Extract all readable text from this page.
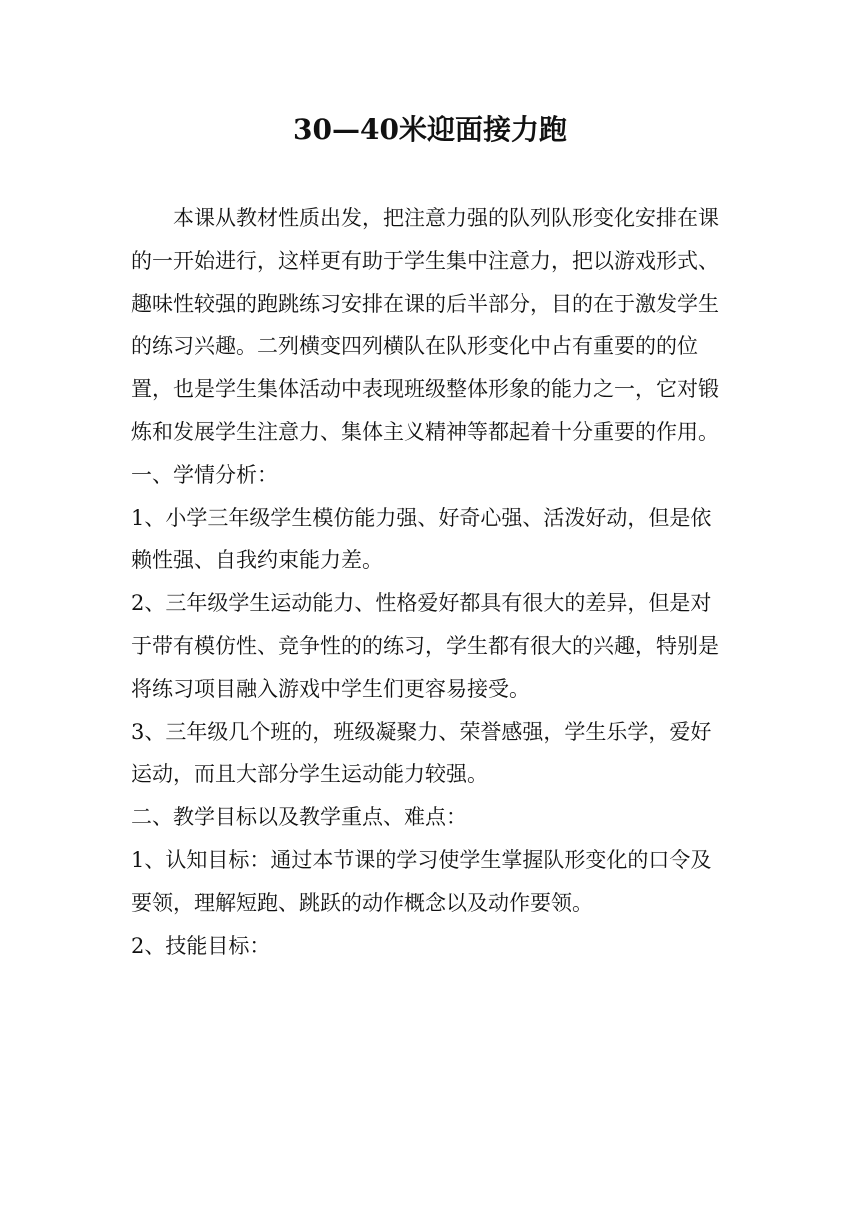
30—40米迎面接力跑

本课从教材性质出发，把注意力强的队列队形变化安排在课的一开始进行，这样更有助于学生集中注意力，把以游戏形式、趣味性较强的跑跳练习安排在课的后半部分，目的在于激发学生的练习兴趣。二列横变四列横队在队形变化中占有重要的的位置，也是学生集体活动中表现班级整体形象的能力之一，它对锻炼和发展学生注意力、集体主义精神等都起着十分重要的作用。

一、学情分析：

1、小学三年级学生模仿能力强、好奇心强、活泼好动，但是依赖性强、自我约束能力差。

2、三年级学生运动能力、性格爱好都具有很大的差异，但是对于带有模仿性、竞争性的的练习，学生都有很大的兴趣，特别是将练习项目融入游戏中学生们更容易接受。

3、三年级几个班的，班级凝聚力、荣誉感强，学生乐学，爱好运动，而且大部分学生运动能力较强。

二、教学目标以及教学重点、难点：

1、认知目标：通过本节课的学习使学生掌握队形变化的口令及要领，理解短跑、跳跃的动作概念以及动作要领。

2、技能目标：
